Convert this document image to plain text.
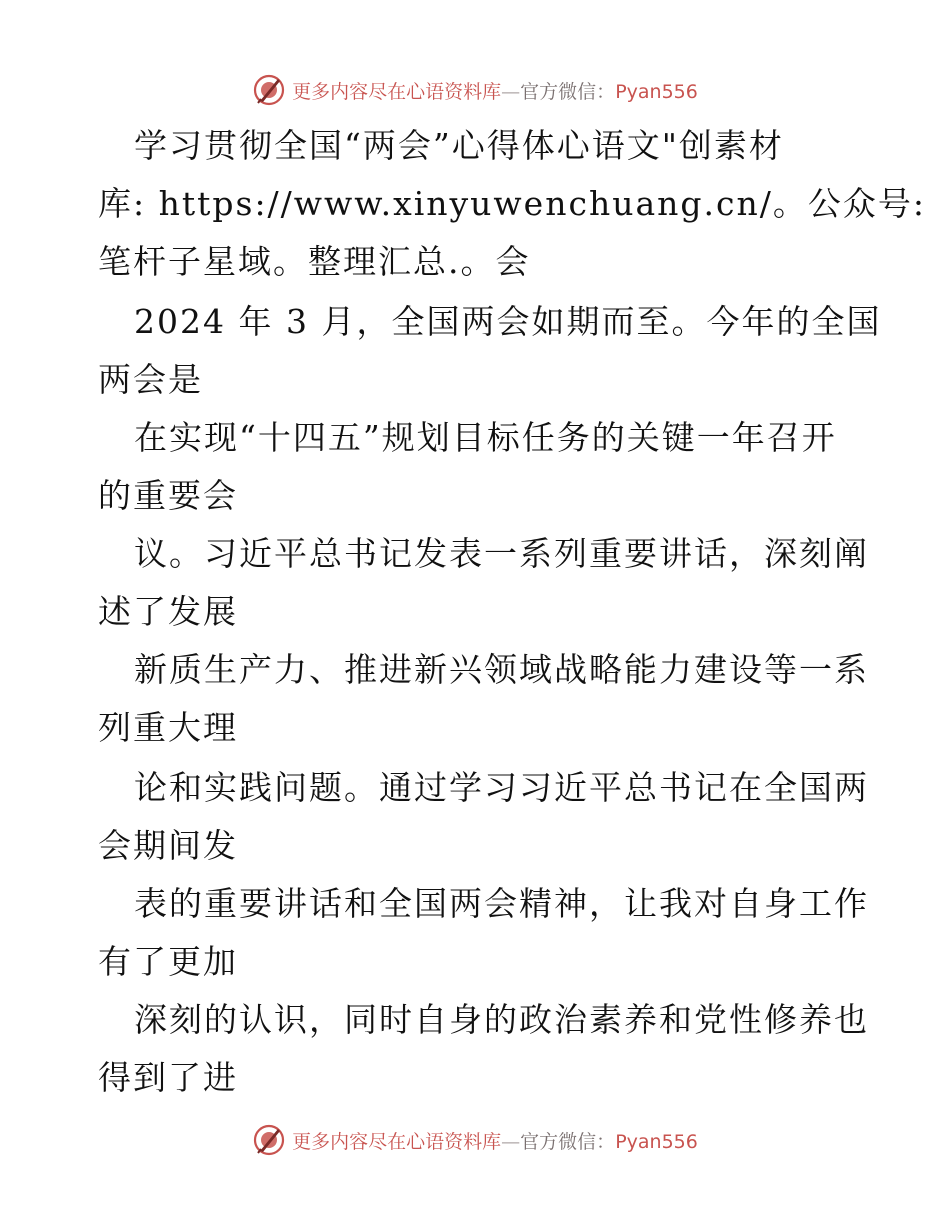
更多内容尽在心语资料库—官方微信：Pyan556
学习贯彻全国“两会”心得体心语文"创素材
库: https://www.xinyuwenchuang.cn/。公众号:
笔杆子星域。整理汇总.。会
2024 年 3 月，全国两会如期而至。今年的全国
两会是
在实现“十四五”规划目标任务的关键一年召开
的重要会
议。习近平总书记发表一系列重要讲话，深刻阐
述了发展
新质生产力、推进新兴领域战略能力建设等一系
列重大理
论和实践问题。通过学习习近平总书记在全国两
会期间发
表的重要讲话和全国两会精神，让我对自身工作
有了更加
深刻的认识，同时自身的政治素养和党性修养也
得到了进
更多内容尽在心语资料库—官方微信：Pyan556
